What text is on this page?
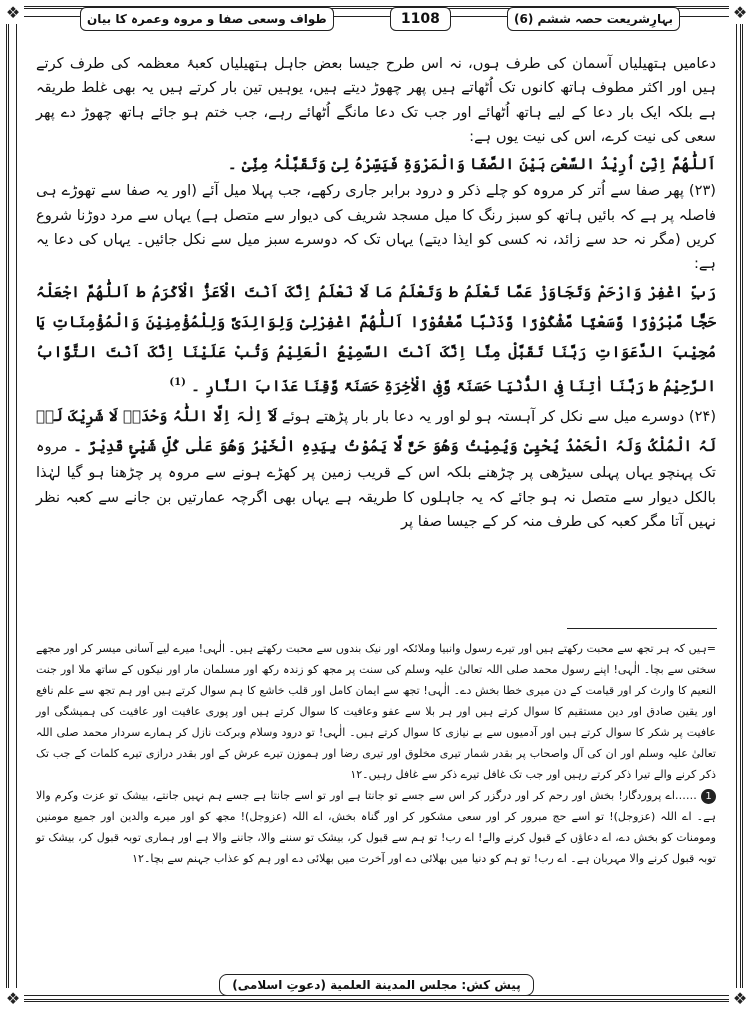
❖	❖
❖	❖
بہارِشریعت حصہ ششم (6)
1108
طواف وسعی صفا و مروہ وعمرہ کا بیان

دعامیں ہتھیلیاں آسمان کی طرف ہوں، نہ اس طرح جیسا بعض جاہل ہتھیلیاں کعبۂ معظمہ کی طرف کرتے ہیں اور اکثر مطوف ہاتھ کانوں تک اُٹھاتے ہیں پھر چھوڑ دیتے ہیں، یوہیں تین بار کرتے ہیں یہ بھی غلط طریقہ ہے بلکہ ایک بار دعا کے لیے ہاتھ اُٹھائے اور جب تک دعا مانگے اُٹھائے رہے، جب ختم ہو جائے ہاتھ چھوڑ دے پھر سعی کی نیت کرے، اس کی نیت یوں ہے:

اَللّٰھُمَّ اِنِّیْ اُرِیْدُ السَّعْیَ بَیْنَ الصَّفَا وَالْمَرْوَۃِ فَیَسِّرْہُ لِیْ وَتَقَبَّلْہُ مِنِّیْ ۔

(۲۳) پھر صفا سے اُتر کر مروہ کو چلے ذکر و درود برابر جاری رکھے، جب پہلا میل آئے (اور یہ صفا سے تھوڑے ہی فاصلہ پر ہے کہ بائیں ہاتھ کو سبز رنگ کا میل مسجد شریف کی دیوار سے متصل ہے) یہاں سے مرد دوڑنا شروع کریں (مگر نہ حد سے زائد، نہ کسی کو ایذا دیتے) یہاں تک کہ دوسرے سبز میل سے نکل جائیں۔ یہاں کی دعا یہ ہے:

رَبِّ اغْفِرْ وَارْحَمْ وَتَجَاوَزْ عَمَّا تَعْلَمُ ط وَتَعْلَمُ مَا لَا نَعْلَمُ اِنَّکَ اَنْتَ الْاَعَزُّ الْاَکْرَمُ ط اَللّٰھُمَّ اجْعَلْہُ حَجًّا مَّبْرُوْرًا وَّسَعْیًا مَّشْکُوْرًا وَّذَنْبًا مَّغْفُوْرًا اَللّٰھُمَّ اغْفِرْلِیْ وَلِوَالِدَیَّ وَلِلْمُؤْمِنِیْنَ وَالْمُؤْمِنَاتِ یَا مُجِیْبَ الدَّعَوَاتِ رَبَّنَا تَقَبَّلْ مِنَّا اِنَّکَ اَنْتَ السَّمِیْعُ الْعَلِیْمُ وَتُبْ عَلَیْنَا اِنَّکَ اَنْتَ التَّوَّابُ الرَّحِیْمُ ط رَبَّنَا اٰتِنَا فِی الدُّنْیَا حَسَنَۃً وَّفِی الْاٰخِرَۃِ حَسَنَۃً وَّقِنَا عَذَابَ النَّارِ ۔ $^{(1)}$

(۲۴) دوسرے میل سے نکل کر آہستہ ہو لو اور یہ دعا بار بار پڑھتے ہوئے لَآ اِلٰہَ اِلَّا اللّٰہُ وَحْدَہٗ لَا شَرِیْکَ لَہٗ لَہُ الْمُلْکُ وَلَہُ الْحَمْدُ یُحْیِیْ وَیُمِیْتُ وَھُوَ حَیٌّ لَّا یَمُوْتُ بِیَدِہِ الْخَیْرُ وَھُوَ عَلٰی کُلِّ شَیْئٍ قَدِیْرٌ ۔ مروہ تک پہنچو یہاں پہلی سیڑھی پر چڑھنے بلکہ اس کے قریب زمین پر کھڑے ہونے سے مروہ پر چڑھنا ہو گیا لہٰذا بالکل دیوار سے متصل نہ ہو جائے کہ یہ جاہلوں کا طریقہ ہے یہاں بھی اگرچہ عمارتیں بن جانے سے کعبہ نظر نہیں آتا مگر کعبہ کی طرف منہ کر کے جیسا صفا پر

=ہیں کہ ہر تجھ سے محبت رکھتے ہیں اور تیرے رسول وانبیا وملائکہ اور نیک بندوں سے محبت رکھتے ہیں۔ الٰہی! میرے لیے آسانی میسر کر اور مجھے سختی سے بچا۔ الٰہی! اپنے رسول محمد صلی اللہ تعالیٰ علیہ وسلم کی سنت پر مجھ کو زندہ رکھ اور مسلمان مار اور نیکوں کے ساتھ ملا اور جنت النعیم کا وارث کر اور قیامت کے دن میری خطا بخش دے۔ الٰہی! تجھ سے ایمان کامل اور قلب خاشع کا ہم سوال کرتے ہیں اور ہم تجھ سے علم نافع اور یقین صادق اور دین مستقیم کا سوال کرتے ہیں اور ہر بلا سے عفو وعافیت کا سوال کرتے ہیں اور پوری عافیت اور عافیت کی ہمیشگی اور عافیت پر شکر کا سوال کرتے ہیں اور آدمیوں سے بے نیازی کا سوال کرتے ہیں۔ الٰہی! تو درود وسلام وبرکت نازل کر ہمارے سردار محمد صلی اللہ تعالیٰ علیہ وسلم اور ان کی آل واصحاب پر بقدر شمار تیری مخلوق اور تیری رضا اور ہموزن تیرے عرش کے اور بقدر درازی تیرے کلمات کے جب تک ذکر کرنے والے تیرا ذکر کرتے رہیں اور جب تک غافل تیرے ذکر سے غافل رہیں۔۱۲

1 ……اے پروردگار! بخش اور رحم کر اور درگزر کر اس سے جسے تو جانتا ہے اور تو اسے جانتا ہے جسے ہم نہیں جانتے، بیشک تو عزت وکرم والا ہے۔ اے اللہ (عزوجل)! تو اسے حج مبرور کر اور سعی مشکور کر اور گناہ بخش، اے اللہ (عزوجل)! مجھ کو اور میرے والدین اور جمیع مومنین ومومنات کو بخش دے، اے دعاؤں کے قبول کرنے والے! اے رب! تو ہم سے قبول کر، بیشک تو سننے والا، جاننے والا ہے اور ہماری توبہ قبول کر، بیشک تو توبہ قبول کرنے والا مہربان ہے۔ اے رب! تو ہم کو دنیا میں بھلائی دے اور آخرت میں بھلائی دے اور ہم کو عذاب جہنم سے بچا۔۱۲

پیش کش: مجلس المدينة العلمية (دعوتِ اسلامی)
